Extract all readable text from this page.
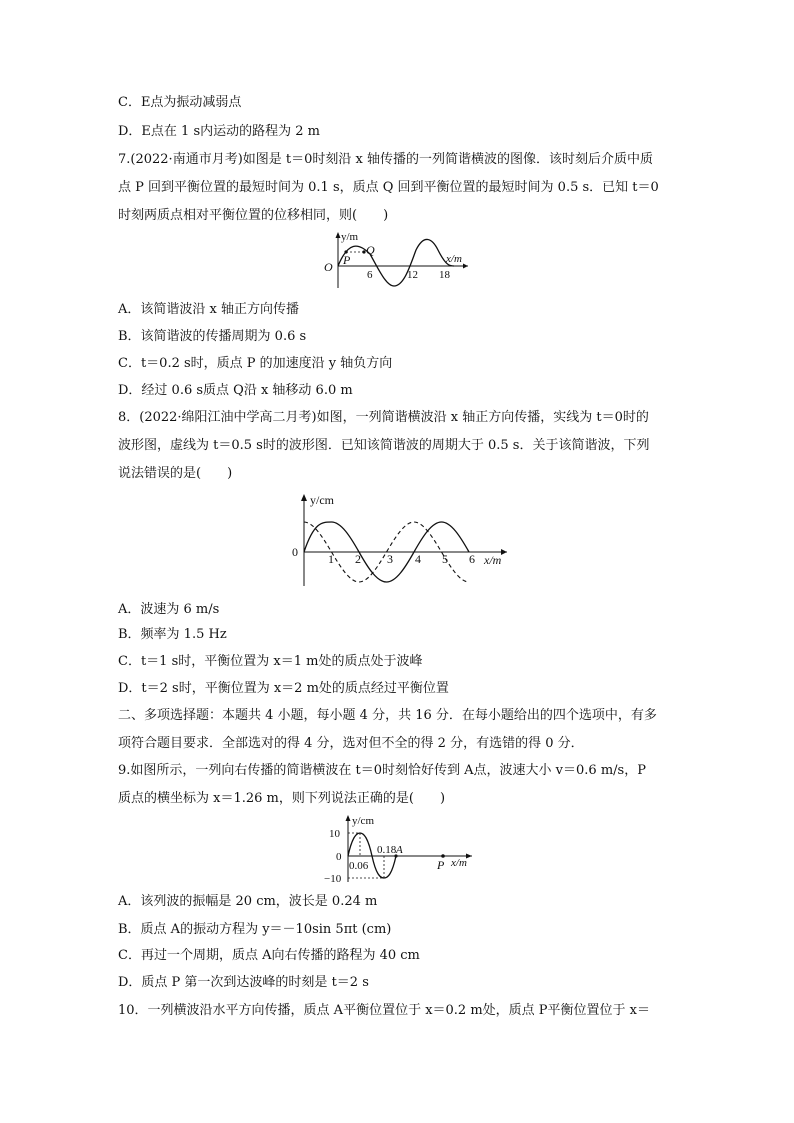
C．E点为振动减弱点
D．E点在 1 s内运动的路程为 2 m
7.(2022·南通市月考)如图是 t＝0时刻沿 x 轴传播的一列简谐横波的图像．该时刻后介质中质
点 P 回到平衡位置的最短时间为 0.1 s，质点 Q 回到平衡位置的最短时间为 0.5 s．已知 t＝0
时刻两质点相对平衡位置的位移相同，则(　　)
y/m
x/m
O P
Q
6	12 18
A．该简谐波沿 x 轴正方向传播
B．该简谐波的传播周期为 0.6 s
C．t＝0.2 s时，质点 P 的加速度沿 y 轴负方向
D．经过 0.6 s质点 Q沿 x 轴移动 6.0 m
8．(2022·绵阳江油中学高二月考)如图，一列简谐横波沿 x 轴正方向传播，实线为 t＝0时的
波形图，虚线为 t＝0.5 s时的波形图．已知该简谐波的周期大于 0.5 s．关于该简谐波，下列
说法错误的是(　　)
y/cm
x/m
0	1 2 3 4 5 6
A．波速为 6 m/s
B．频率为 1.5 Hz
C．t＝1 s时，平衡位置为 x＝1 m处的质点处于波峰
D．t＝2 s时，平衡位置为 x＝2 m处的质点经过平衡位置
二、多项选择题：本题共 4 小题，每小题 4 分，共 16 分．在每小题给出的四个选项中，有多
项符合题目要求．全部选对的得 4 分，选对但不全的得 2 分，有选错的得 0 分．
9.如图所示，一列向右传播的简谐横波在 t＝0时刻恰好传到 A点，波速大小 v＝0.6 m/s，P
质点的横坐标为 x＝1.26 m，则下列说法正确的是(　　)
y/cm
x/m
10
0
−10
0.06
0.18 A
P
A．该列波的振幅是 20 cm，波长是 0.24 m
B．质点 A的振动方程为 y＝－10sin 5πt (cm)
C．再过一个周期，质点 A向右传播的路程为 40 cm
D．质点 P 第一次到达波峰的时刻是 t＝2 s
10．一列横波沿水平方向传播，质点 A平衡位置位于 x＝0.2 m处，质点 P平衡位置位于 x＝
